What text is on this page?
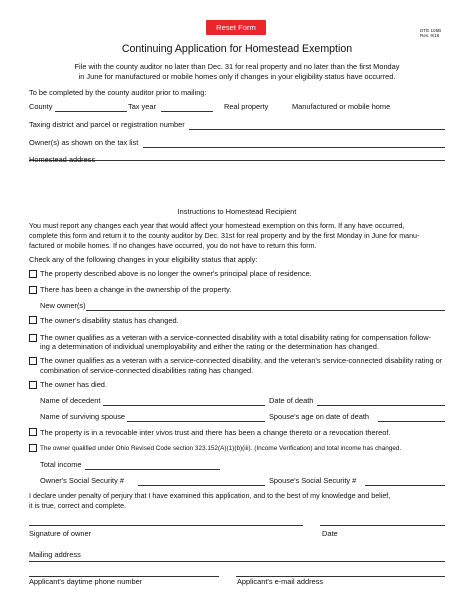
Reset Form	DTE 105B
Rev. 9/16
Continuing Application for Homestead Exemption
File with the county auditor no later than Dec. 31 for real property and no later than the first Monday
in June for manufactured or mobile homes only if changes in your eligibility status have occurred.
To be completed by the county auditor prior to mailing:
County	Tax year	Real property	Manufactured or mobile home
Taxing district and parcel or registration number
Owner(s) as shown on the tax list
Homestead address
Instructions to Homestead Recipient
You must report any changes each year that would affect your homestead exemption on this form. If any have occurred,
complete this form and return it to the county auditor by Dec. 31st for real property and by the first Monday in June for manu-
factured or mobile homes. If no changes have occurred, you do not have to return this form.
Check any of the following changes in your eligibility status that apply:
The property described above is no longer the owner's principal place of residence.
There has been a change in the ownership of the property.
New owner(s)
The owner's disability status has changed.
The owner qualifies as a veteran with a service-connected disability with a total disability rating for compensation follow-
ing a determination of individual unemployability and either the rating or the determination has changed.
The owner qualifies as a veteran with a service-connected disability, and the veteran's service-connected disability rating or
combination of service-connected disabilities rating has changed.
The owner has died.
Name of decedent	Date of death
Name of surviving spouse	Spouse's age on date of death
The property is in a revocable inter vivos trust and there has been a change thereto or a revocation thereof.
The owner qualified under Ohio Revised Code section 323.152(A)(1)(b)(iii). (Income Verification) and total income has changed.
Total income
Owner's Social Security #	Spouse's Social Security #
I declare under penalty of perjury that I have examined this application, and to the best of my knowledge and belief,
it is true, correct and complete.
Signature of owner	Date
Mailing address
Applicant's daytime phone number	Applicant's e-mail address
